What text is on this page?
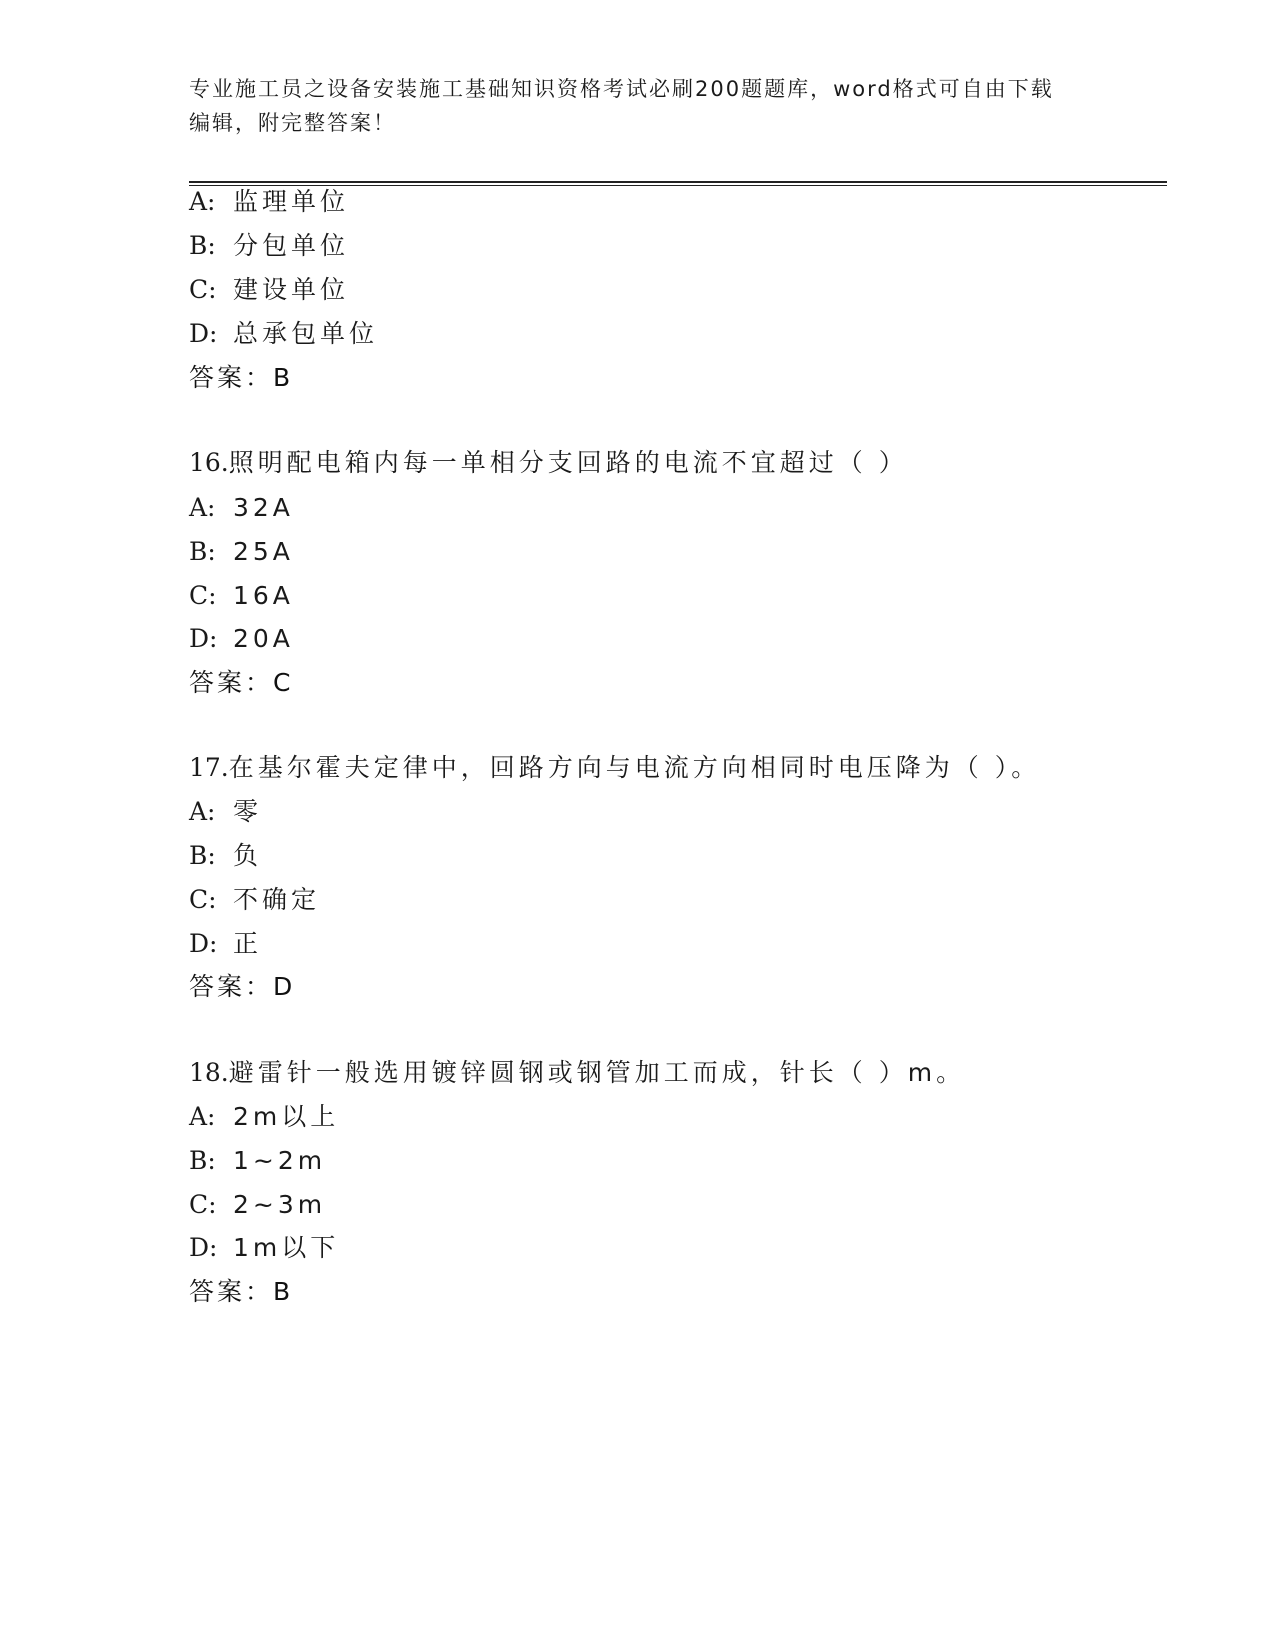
专业施工员之设备安装施工基础知识资格考试必刷200题题库，word格式可自由下载编辑，附完整答案！
A: 监理单位
B: 分包单位
C: 建设单位
D: 总承包单位
答案：B
16.照明配电箱内每一单相分支回路的电流不宜超过（ ）
A: 32A
B: 25A
C: 16A
D: 20A
答案：C
17.在基尔霍夫定律中，回路方向与电流方向相同时电压降为（ ）。
A: 零
B: 负
C: 不确定
D: 正
答案：D
18.避雷针一般选用镀锌圆钢或钢管加工而成，针长（ ）m。
A: 2m以上
B: 1~2m
C: 2~3m
D: 1m以下
答案：B
